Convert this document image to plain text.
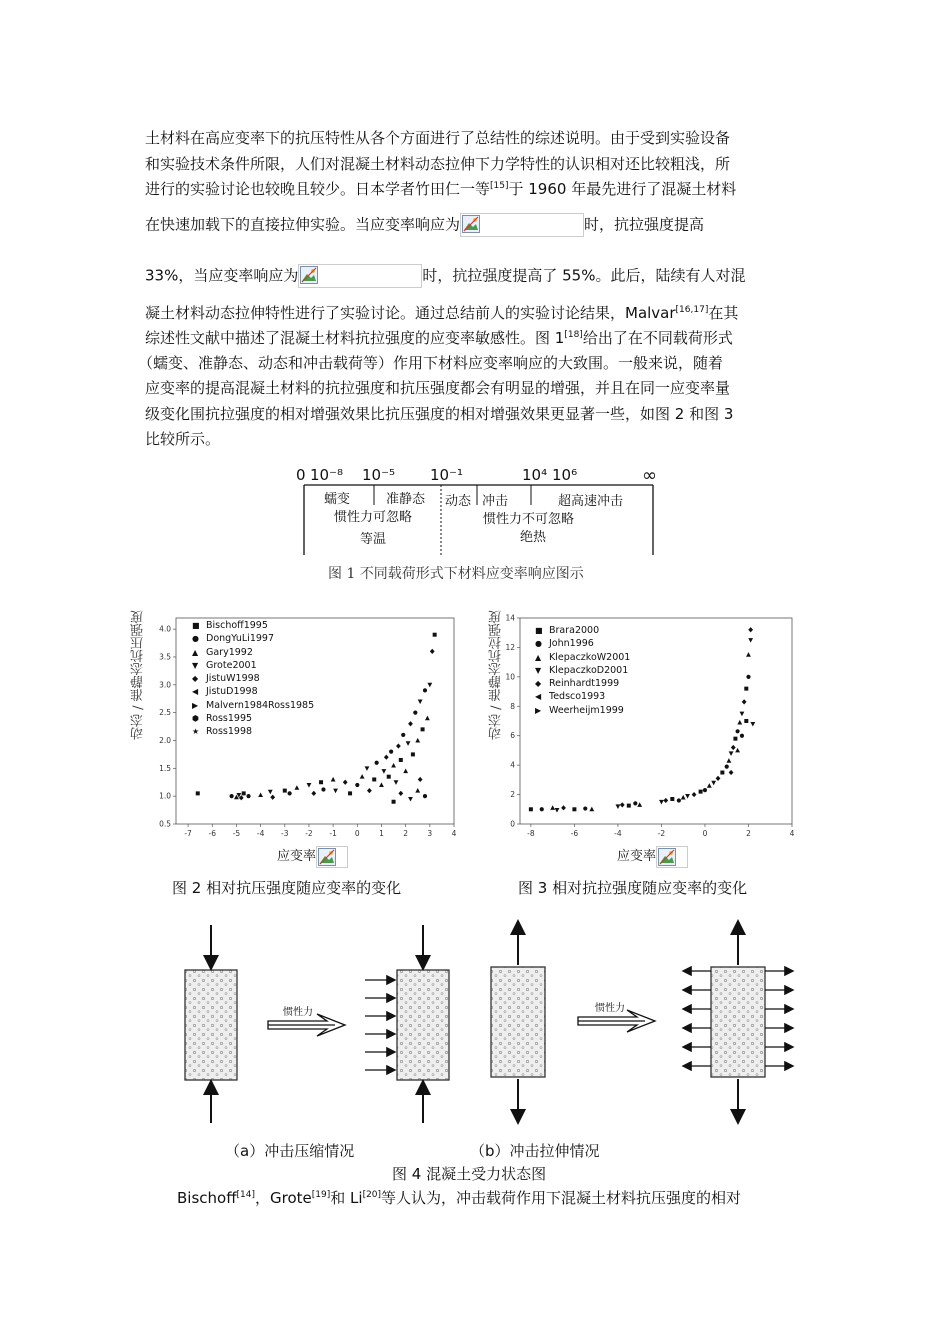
土材料在高应变率下的抗压特性从各个方面进行了总结性的综述说明。由于受到实验设备
和实验技术条件所限，人们对混凝土材料动态拉伸下力学特性的认识相对还比较粗浅，所
进行的实验讨论也较晚且较少。日本学者竹田仁一等[15]于 1960 年最先进行了混凝土材料
在快速加载下的直接拉伸实验。当应变率响应为	时，抗拉强度提高
33%，当应变率响应为	时，抗拉强度提高了 55%。此后，陆续有人对混
凝土材料动态拉伸特性进行了实验讨论。通过总结前人的实验讨论结果，Malvar[16,17]在其
综述性文献中描述了混凝土材料抗拉强度的应变率敏感性。图 1[18]给出了在不同载荷形式
（蠕变、准静态、动态和冲击载荷等）作用下材料应变率响应的大致围。一般来说，随着
应变率的提高混凝土材料的抗拉强度和抗压强度都会有明显的增强，并且在同一应变率量
级变化围抗拉强度的相对增强效果比抗压强度的相对增强效果更显著一些，如图 2 和图 3
比较所示。
0 10⁻⁸ 10⁻⁵ 10⁻¹	10⁴ 10⁶	∞
蠕变	准静态 动态 冲击	超高速冲击
惯性力可忽略	惯性力不可忽略
等温	绝热
图 1 不同载荷形式下材料应变率响应图示
动态 / 准静态抗压强度
-7 -6 -5 -4 -3 -2 -1 0	1	2	3	4
0.5
1.0
1.5
2.0
2.5
3.0
3.5
4.0	■ Bischoff1995
● DongYuLi1997
▲ Gary1992
▼ Grote2001
◆ JistuW1998
◀ JistuD1998
▶ Malvern1984Ross1985
⬢ Ross1995
★ Ross1998
应变率
图 2 相对抗压强度随应变率的变化
动态 / 准静态抗拉强度
-8	-6	-4	-2	0	2	4
0
2
4
6
8
10
12
14
■ Brara2000
● John1996
▲ KlepaczkoW2001
▼ KlepaczkoD2001
◆ Reinhardt1999
◀ Tedsco1993
▶ Weerheijm1999
应变率
图 3 相对抗拉强度随应变率的变化
惯性力	惯性力
（a）冲击压缩情况	（b）冲击拉伸情况
图 4 混凝土受力状态图
Bischoff[14]，Grote[19]和 Li[20]等人认为，冲击载荷作用下混凝土材料抗压强度的相对
